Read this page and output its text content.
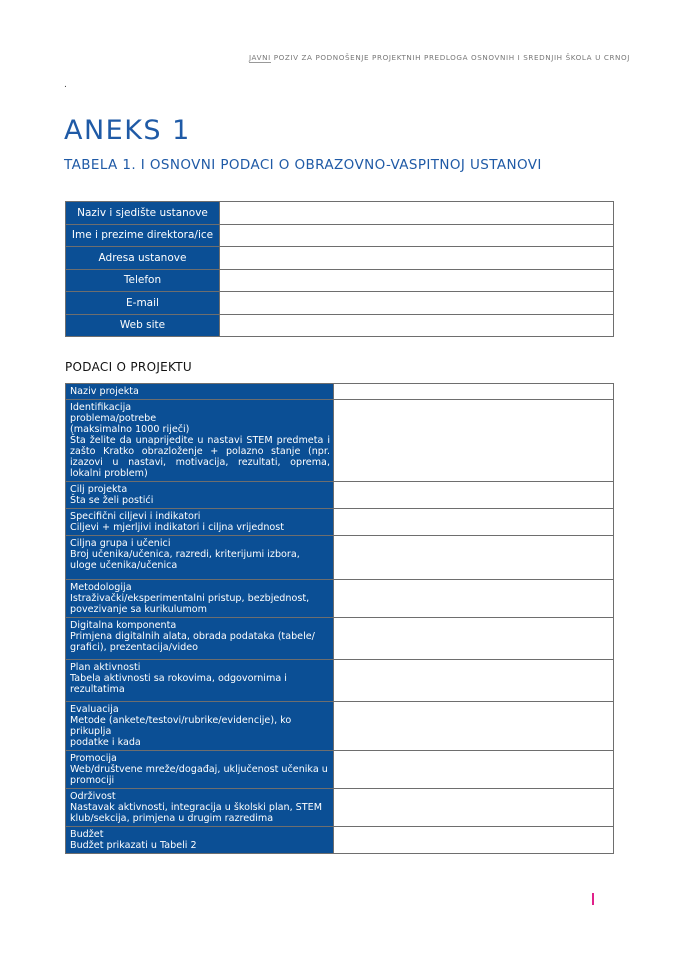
JAVNI POZIV ZA PODNOŠENJE PROJEKTNIH PREDLOGA OSNOVNIH I SREDNJIH ŠKOLA U CRNOJ
.
ANEKS 1
TABELA 1. I OSNOVNI PODACI O OBRAZOVNO-VASPITNOJ USTANOVI
Naziv i sjedište ustanove	
Ime i prezime direktora/ice	
Adresa ustanove	
Telefon	
E-mail	
Web site	
PODACI O PROJEKTU
Naziv projekta	

Identifikacija
problema/potrebe
(maksimalno 1000 riječi)
Šta želite da unaprijedite u nastavi STEM predmeta i zašto Kratko obrazloženje + polazno stanje (npr. izazovi u nastavi, motivacija, rezultati, oprema, lokalni problem)	

Cilj projekta
Šta se želi postići	

Specifični ciljevi i indikatori
Ciljevi + mjerljivi indikatori i ciljna vrijednost	

Ciljna grupa i učenici
Broj učenika/učenica, razredi, kriterijumi izbora, uloge učenika/učenica	

Metodologija
Istraživački/eksperimentalni pristup, bezbjednost, povezivanje sa kurikulumom	

Digitalna komponenta
Primjena digitalnih alata, obrada podataka (tabele/ grafici), prezentacija/video	

Plan aktivnosti
Tabela aktivnosti sa rokovima, odgovornima i rezultatima	

Evaluacija
Metode (ankete/testovi/rubrike/evidencije), ko prikuplja
podatke i kada	

Promocija
Web/društvene mreže/događaj, uključenost učenika u
promociji	

Održivost
Nastavak aktivnosti, integracija u školski plan, STEM
klub/sekcija, primjena u drugim razredima	

Budžet
Budžet prikazati u Tabeli 2	
